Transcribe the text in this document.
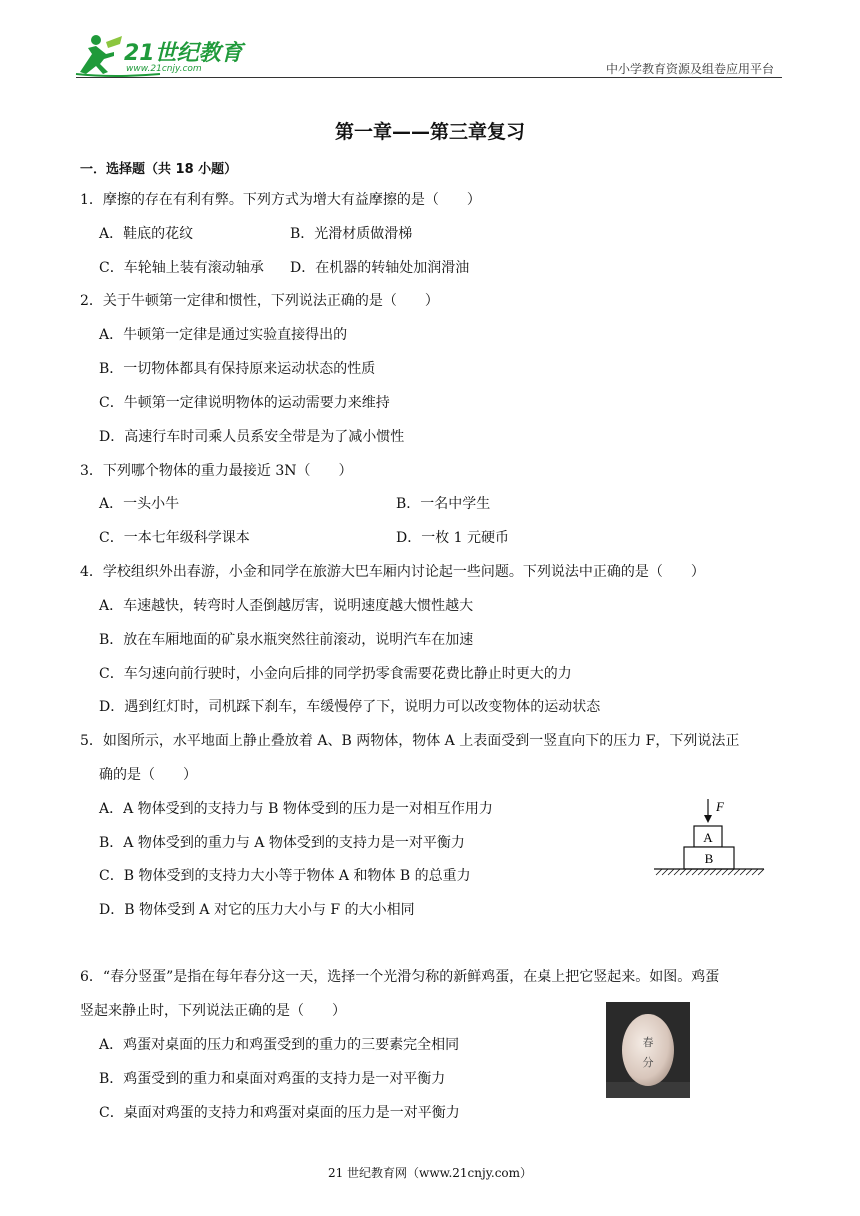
21世纪教育
www.21cnjy.com	中小学教育资源及组卷应用平台
第一章——第三章复习
一．选择题（共 18 小题）
1．摩擦的存在有利有弊。下列方式为增大有益摩擦的是（　　）
A．鞋底的花纹	B．光滑材质做滑梯
C．车轮轴上装有滚动轴承 D．在机器的转轴处加润滑油
2．关于牛顿第一定律和惯性，下列说法正确的是（　　）
A．牛顿第一定律是通过实验直接得出的
B．一切物体都具有保持原来运动状态的性质
C．牛顿第一定律说明物体的运动需要力来维持
D．高速行车时司乘人员系安全带是为了减小惯性
3．下列哪个物体的重力最接近 3N（　　）
A．一头小牛	B．一名中学生
C．一本七年级科学课本	D．一枚 1 元硬币
4．学校组织外出春游，小金和同学在旅游大巴车厢内讨论起一些问题。下列说法中正确的是（　　）
A．车速越快，转弯时人歪倒越厉害，说明速度越大惯性越大
B．放在车厢地面的矿泉水瓶突然往前滚动，说明汽车在加速
C．车匀速向前行驶时，小金向后排的同学扔零食需要花费比静止时更大的力
D．遇到红灯时，司机踩下刹车，车缓慢停了下，说明力可以改变物体的运动状态
5．如图所示，水平地面上静止叠放着 A、B 两物体，物体 A 上表面受到一竖直向下的压力 F，下列说法正
确的是（　　）
A．A 物体受到的支持力与 B 物体受到的压力是一对相互作用力
B．A 物体受到的重力与 A 物体受到的支持力是一对平衡力
C．B 物体受到的支持力大小等于物体 A 和物体 B 的总重力
D．B 物体受到 A 对它的压力大小与 F 的大小相同
F
A
B
6．“春分竖蛋”是指在每年春分这一天，选择一个光滑匀称的新鲜鸡蛋，在桌上把它竖起来。如图。鸡蛋
竖起来静止时，下列说法正确的是（　　）
A．鸡蛋对桌面的压力和鸡蛋受到的重力的三要素完全相同
B．鸡蛋受到的重力和桌面对鸡蛋的支持力是一对平衡力
C．桌面对鸡蛋的支持力和鸡蛋对桌面的压力是一对平衡力
春
分
21 世纪教育网（www.21cnjy.com）
